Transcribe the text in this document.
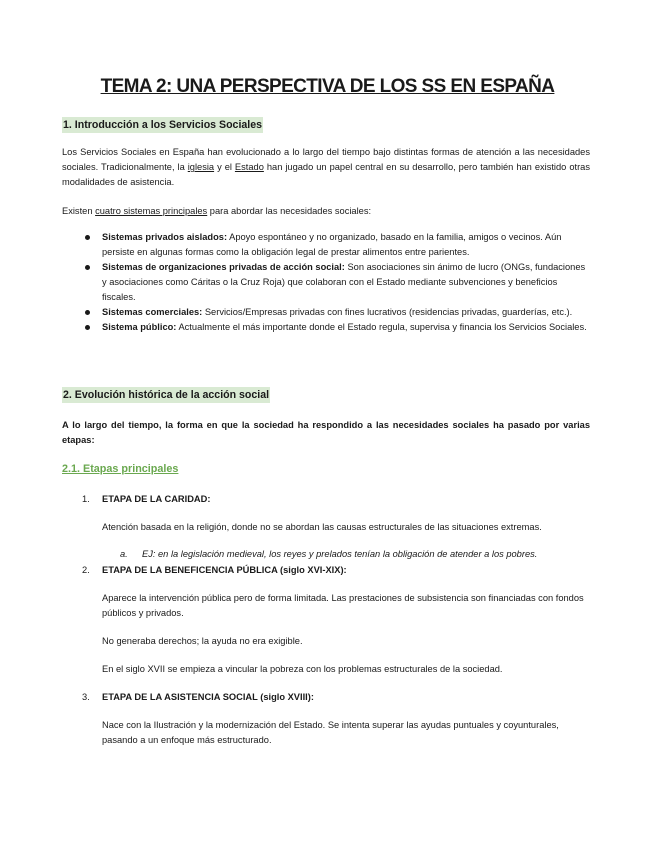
TEMA 2: UNA PERSPECTIVA DE LOS SS EN ESPAÑA
1. Introducción a los Servicios Sociales

Los Servicios Sociales en España han evolucionado a lo largo del tiempo bajo distintas formas de atención a las necesidades sociales. Tradicionalmente, la iglesia y el Estado han jugado un papel central en su desarrollo, pero también han existido otras modalidades de asistencia.

Existen cuatro sistemas principales para abordar las necesidades sociales:

Sistemas privados aislados: Apoyo espontáneo y no organizado, basado en la familia, amigos o vecinos. Aún persiste en algunas formas como la obligación legal de prestar alimentos entre parientes.
Sistemas de organizaciones privadas de acción social: Son asociaciones sin ánimo de lucro (ONGs, fundaciones y asociaciones como Cáritas o la Cruz Roja) que colaboran con el Estado mediante subvenciones y beneficios fiscales.
Sistemas comerciales: Servicios/Empresas privadas con fines lucrativos (residencias privadas, guarderías, etc.).
Sistema público: Actualmente el más importante donde el Estado regula, supervisa y financia los Servicios Sociales.
2. Evolución histórica de la acción social

A lo largo del tiempo, la forma en que la sociedad ha respondido a las necesidades sociales ha pasado por varias etapas:

2.1. Etapas principales
1. ETAPA DE LA CARIDAD:

Atención basada en la religión, donde no se abordan las causas estructurales de las situaciones extremas.

a. EJ: en la legislación medieval, los reyes y prelados tenían la obligación de atender a los pobres.
2. ETAPA DE LA BENEFICENCIA PÚBLICA (siglo XVI-XIX):

Aparece la intervención pública pero de forma limitada. Las prestaciones de subsistencia son financiadas con fondos públicos y privados.

No generaba derechos; la ayuda no era exigible.

En el siglo XVII se empieza a vincular la pobreza con los problemas estructurales de la sociedad.

3. ETAPA DE LA ASISTENCIA SOCIAL (siglo XVIII):

Nace con la Ilustración y la modernización del Estado. Se intenta superar las ayudas puntuales y coyunturales, pasando a un enfoque más estructurado.
